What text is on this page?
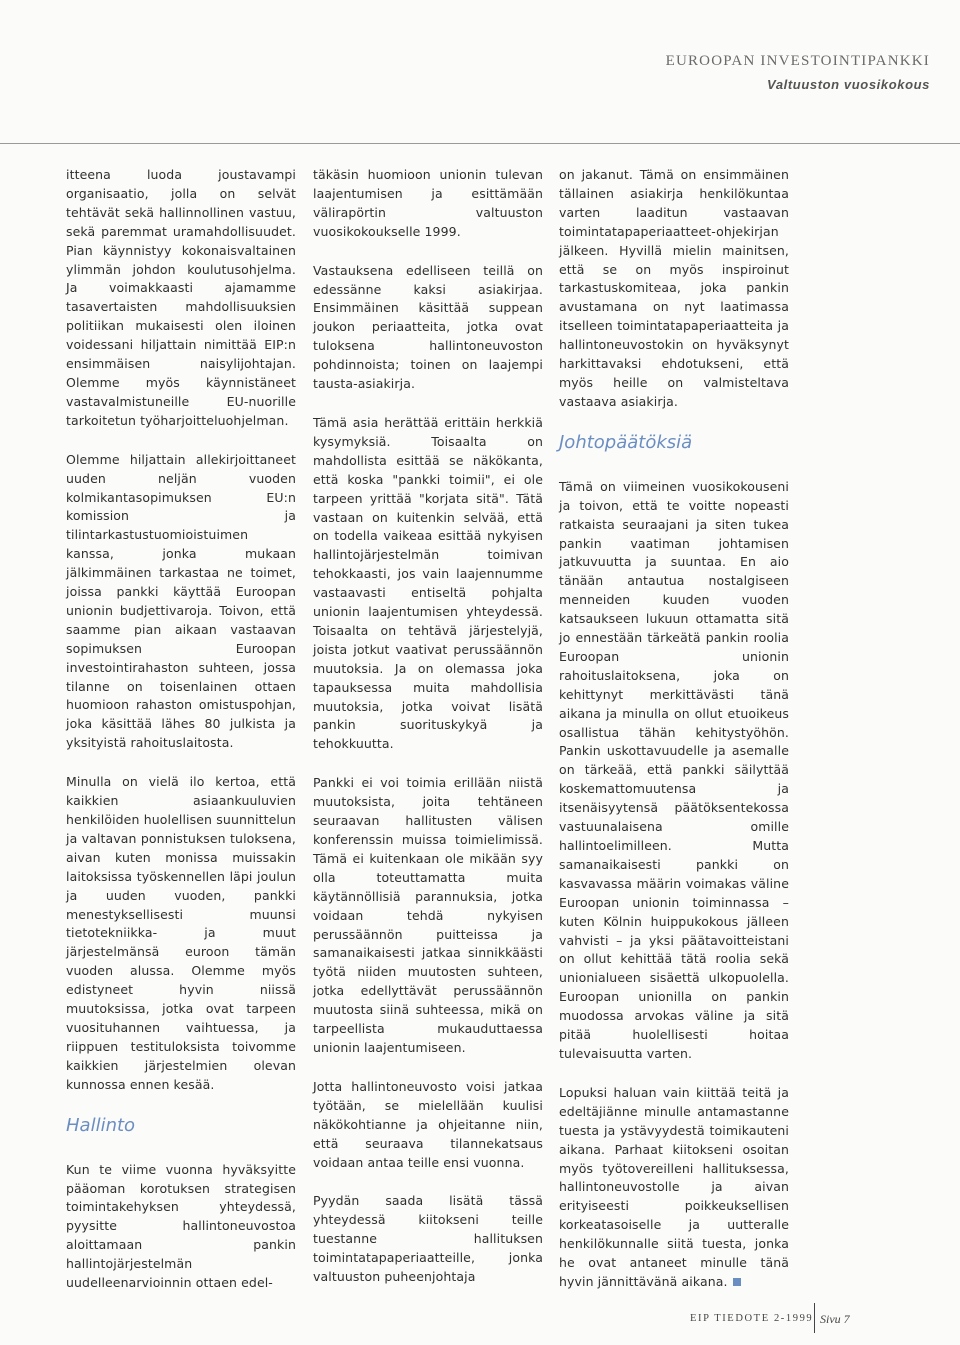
EUROOPAN INVESTOINTIPANKKI
Valtuuston vuosikokous

itteena luoda joustavampi organisaatio, jolla on selvät tehtävät sekä hallinnollinen vastuu, sekä paremmat uramahdollisuudet. Pian käynnistyy kokonaisvaltainen ylimmän johdon koulutusohjelma. Ja voimakkaasti ajamamme tasavertaisten mahdollisuuksien politiikan mukaisesti olen iloinen voidessani hiljattain nimittää EIP:n ensimmäisen naisylijohtajan. Olemme myös käynnistäneet vastavalmistuneille EU-nuorille tarkoitetun työharjoitteluohjelman.

Olemme hiljattain allekirjoittaneet uuden neljän vuoden kolmikantasopimuksen EU:n komission ja tilintarkastustuomioistuimen kanssa, jonka mukaan jälkimmäinen tarkastaa ne toimet, joissa pankki käyttää Euroopan unionin budjettivaroja. Toivon, että saamme pian aikaan vastaavan sopimuksen Euroopan investointirahaston suhteen, jossa tilanne on toisenlainen ottaen huomioon rahaston omistuspohjan, joka käsittää lähes 80 julkista ja yksityistä rahoituslaitosta.

Minulla on vielä ilo kertoa, että kaikkien asiaankuuluvien henkilöiden huolellisen suunnittelun ja valtavan ponnistuksen tuloksena, aivan kuten monissa muissakin laitoksissa työskennellen läpi joulun ja uuden vuoden, pankki menestyksellisesti muunsi tietotekniikka- ja muut järjestelmänsä euroon tämän vuoden alussa. Olemme myös edistyneet hyvin niissä muutoksissa, jotka ovat tarpeen vuosituhannen vaihtuessa, ja riippuen testituloksista toivomme kaikkien järjestelmien olevan kunnossa ennen kesää.

Hallinto

Kun te viime vuonna hyväksyitte pääoman korotuksen strategisen toimintakehyksen yhteydessä, pyysitte hallintoneuvostoa aloittamaan pankin hallintojärjestelmän uudelleenarvioinnin ottaen edel-

täkäsin huomioon unionin tulevan laajentumisen ja esittämään välirapörtin valtuuston vuosikokoukselle 1999.

Vastauksena edelliseen teillä on edessänne kaksi asiakirjaa. Ensimmäinen käsittää suppean joukon periaatteita, jotka ovat tuloksena hallintoneuvoston pohdinnoista; toinen on laajempi tausta-asiakirja.

Tämä asia herättää erittäin herkkiä kysymyksiä. Toisaalta on mahdollista esittää se näkökanta, että koska "pankki toimii", ei ole tarpeen yrittää "korjata sitä". Tätä vastaan on kuitenkin selvää, että on todella vaikeaa esittää nykyisen hallintojärjestelmän toimivan tehokkaasti, jos vain laajennumme vastaavasti entiseltä pohjalta unionin laajentumisen yhteydessä. Toisaalta on tehtävä järjestelyjä, joista jotkut vaativat perussäännön muutoksia. Ja on olemassa joka tapauksessa muita mahdollisia muutoksia, jotka voivat lisätä pankin suorituskykyä ja tehokkuutta.

Pankki ei voi toimia erillään niistä muutoksista, joita tehtäneen seuraavan hallitusten välisen konferenssin muissa toimielimissä. Tämä ei kuitenkaan ole mikään syy olla toteuttamatta muita käytännöllisiä parannuksia, jotka voidaan tehdä nykyisen perussäännön puitteissa ja samanaikaisesti jatkaa sinnikkäästi työtä niiden muutosten suhteen, jotka edellyttävät perussäännön muutosta siinä suhteessa, mikä on tarpeellista mukauduttaessa unionin laajentumiseen.

Jotta hallintoneuvosto voisi jatkaa työtään, se mielellään kuulisi näkökohtianne ja ohjeitanne niin, että seuraava tilannekatsaus voidaan antaa teille ensi vuonna.

Pyydän saada lisätä tässä yhteydessä kiitokseni teille tuestanne hallituksen toimintatapaperiaatteille, jonka valtuuston puheenjohtaja

on jakanut. Tämä on ensimmäinen tällainen asiakirja henkilökuntaa varten laaditun vastaavan toimintatapaperiaatteet-ohjekirjan jälkeen. Hyvillä mielin mainitsen, että se on myös inspiroinut tarkastuskomiteaa, joka pankin avustamana on nyt laatimassa itselleen toimintatapaperiaatteita ja hallintoneuvostokin on hyväksynyt harkittavaksi ehdotukseni, että myös heille on valmisteltava vastaava asiakirja.

Johtopäätöksiä

Tämä on viimeinen vuosikokouseni ja toivon, että te voitte nopeasti ratkaista seuraajani ja siten tukea pankin vaatiman johtamisen jatkuvuutta ja suuntaa. En aio tänään antautua nostalgiseen menneiden kuuden vuoden katsaukseen lukuun ottamatta sitä jo ennestään tärkeätä pankin roolia Euroopan unionin rahoituslaitoksena, joka on kehittynyt merkittävästi tänä aikana ja minulla on ollut etuoikeus osallistua tähän kehitystyöhön. Pankin uskottavuudelle ja asemalle on tärkeää, että pankki säilyttää koskemattomuutensa ja itsenäisyytensä päätöksentekossa vastuunalaisena omille hallintoelimilleen. Mutta samanaikaisesti pankki on kasvavassa määrin voimakas väline Euroopan unionin toiminnassa – kuten Kölnin huippukokous jälleen vahvisti – ja yksi päätavoitteistani on ollut kehittää tätä roolia sekä unionialueen sisäettä ulkopuolella. Euroopan unionilla on pankin muodossa arvokas väline ja sitä pitää huolellisesti hoitaa tulevaisuutta varten.

Lopuksi haluan vain kiittää teitä ja edeltäjiänne minulle antamastanne tuesta ja ystävyydestä toimikauteni aikana. Parhaat kiitokseni osoitan myös työtovereilleni hallituksessa, hallintoneuvostolle ja aivan erityiseesti poikkeuksellisen korkeatasoiselle ja uutteralle henkilökunnalle siitä tuesta, jonka he ovat antaneet minulle tänä hyvin jännittävänä aikana.

EIP TIEDOTE 2-1999 Sivu 7
